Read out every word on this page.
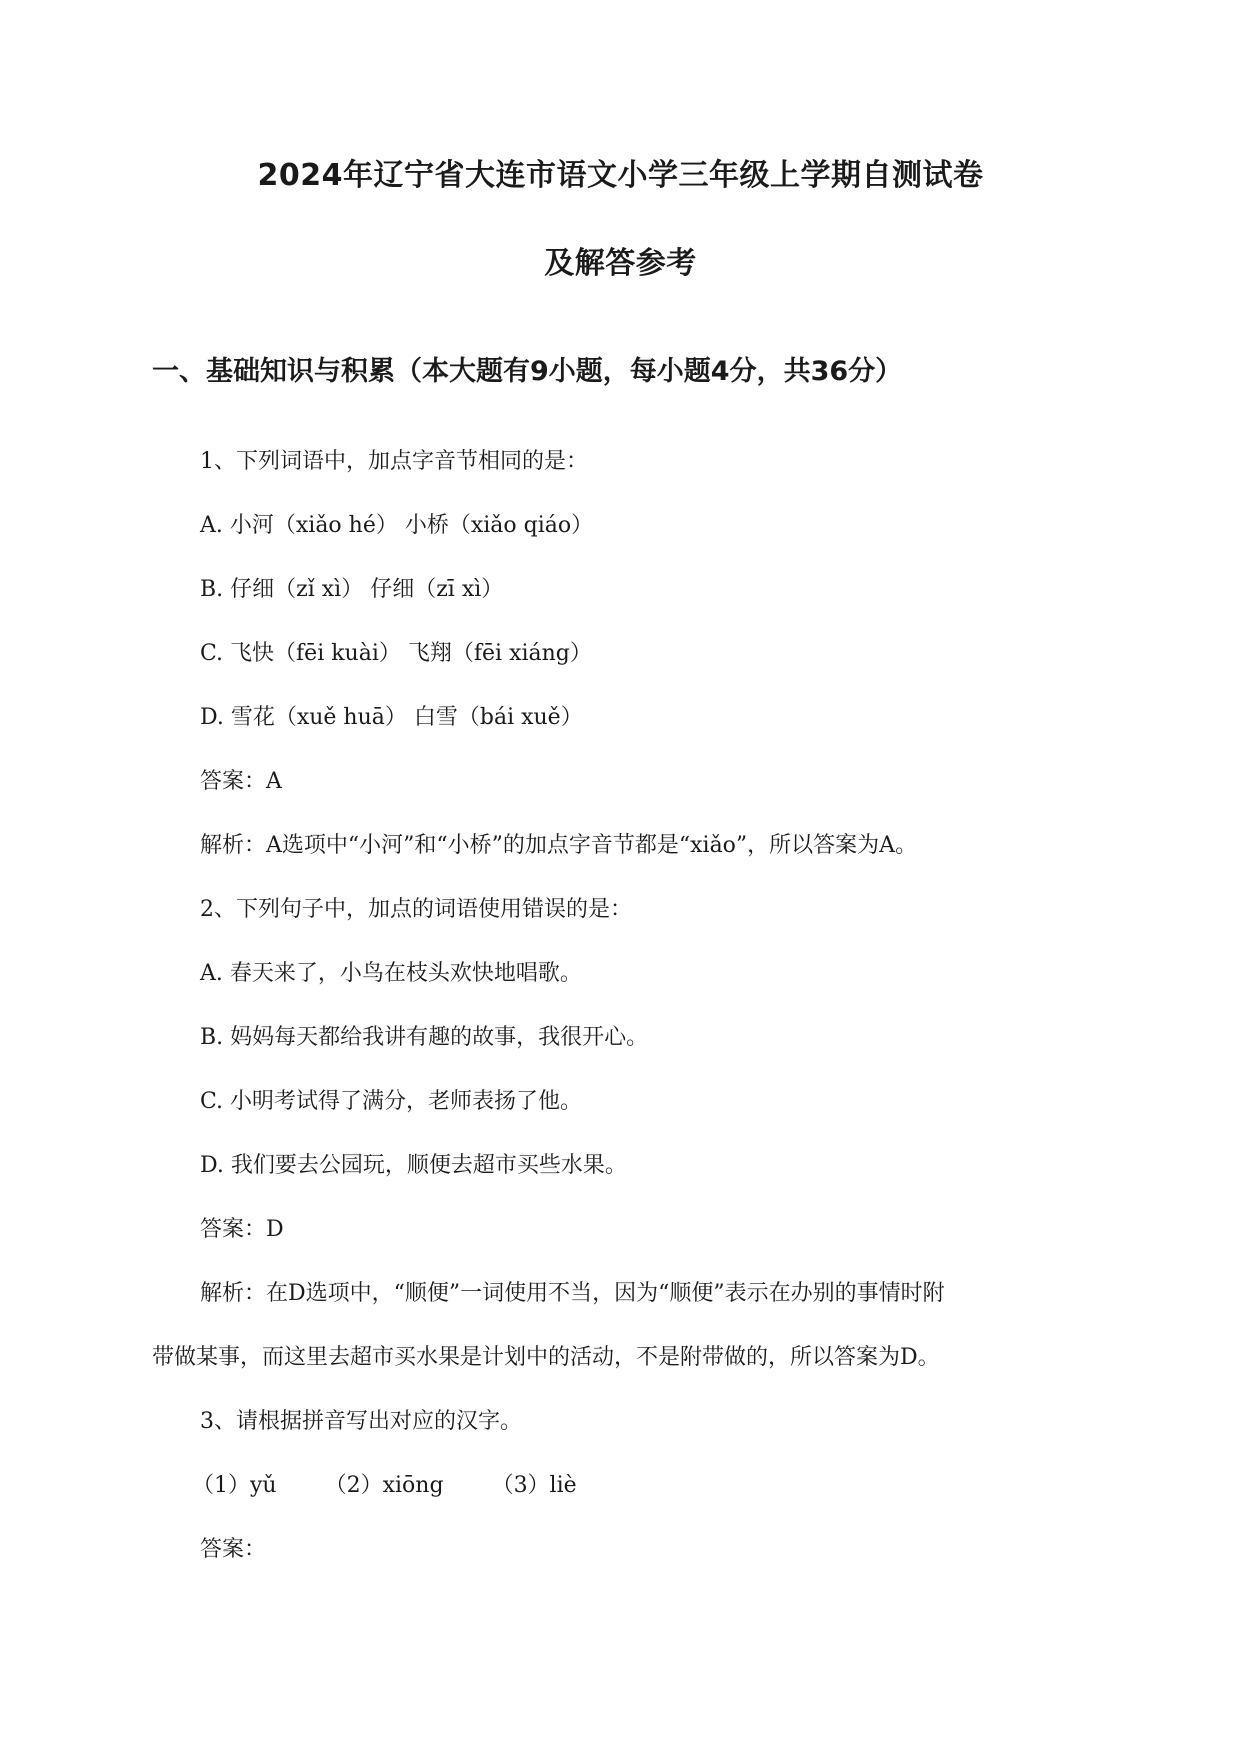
2024年辽宁省大连市语文小学三年级上学期自测试卷
及解答参考
一、基础知识与积累（本大题有9小题，每小题4分，共36分）
1、下列词语中，加点字音节相同的是：
A. 小河（xiǎo hé） 小桥（xiǎo qiáo）
B. 仔细（zǐ xì） 仔细（zī xì）
C. 飞快（fēi kuài） 飞翔（fēi xiáng）
D. 雪花（xuě huā） 白雪（bái xuě）
答案：A
解析：A选项中“小河”和“小桥”的加点字音节都是“xiǎo”，所以答案为A。
2、下列句子中，加点的词语使用错误的是：
A. 春天来了，小鸟在枝头欢快地唱歌。
B. 妈妈每天都给我讲有趣的故事，我很开心。
C. 小明考试得了满分，老师表扬了他。
D. 我们要去公园玩，顺便去超市买些水果。
答案：D
解析：在D选项中，“顺便”一词使用不当，因为“顺便”表示在办别的事情时附
带做某事，而这里去超市买水果是计划中的活动，不是附带做的，所以答案为D。
3、请根据拼音写出对应的汉字。
（1）yǔ （2）xiōng （3）liè
答案：
